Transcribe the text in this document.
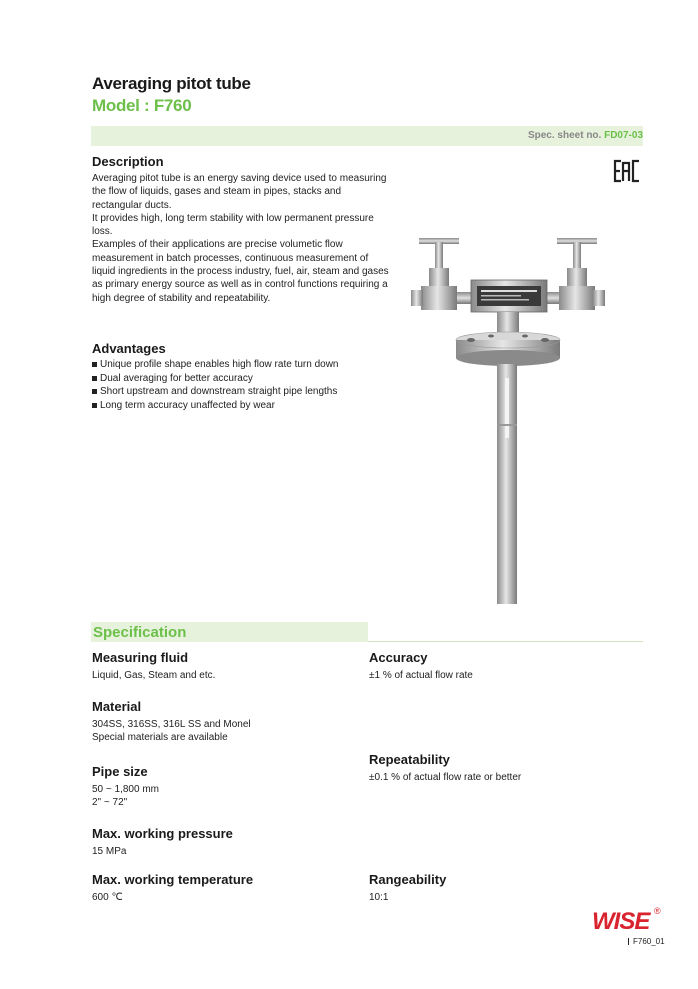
Averaging pitot tube
Model : F760
Spec. sheet no. FD07-03
Description

Averaging pitot tube is an energy saving device used to measuring the flow of liquids, gases and steam in pipes, stacks and rectangular ducts.

It provides high, long term stability with low permanent pressure loss.

Examples of their applications are precise volumetic flow measurement in batch processes, continuous measurement of liquid ingredients in the process industry, fuel, air, steam and gases as primary energy source as well as in control functions requiring a high degree of stability and repeatability.

Advantages
Unique profile shape enables high flow rate turn down
Dual averaging for better accuracy
Short upstream and downstream straight pipe lengths
Long term accuracy unaffected by wear
Specification
Measuring fluid
Liquid, Gas, Steam and etc.
Material
304SS, 316SS, 316L SS and Monel
Special materials are available
Pipe size
50 ~ 1,800 mm
2" ~ 72"
Max. working pressure
15 MPa
Max. working temperature
600 ℃
Accuracy
±1 % of actual flow rate
Repeatability
±0.1 % of actual flow rate or better
Rangeability
10:1
WISE ®
F760_01
